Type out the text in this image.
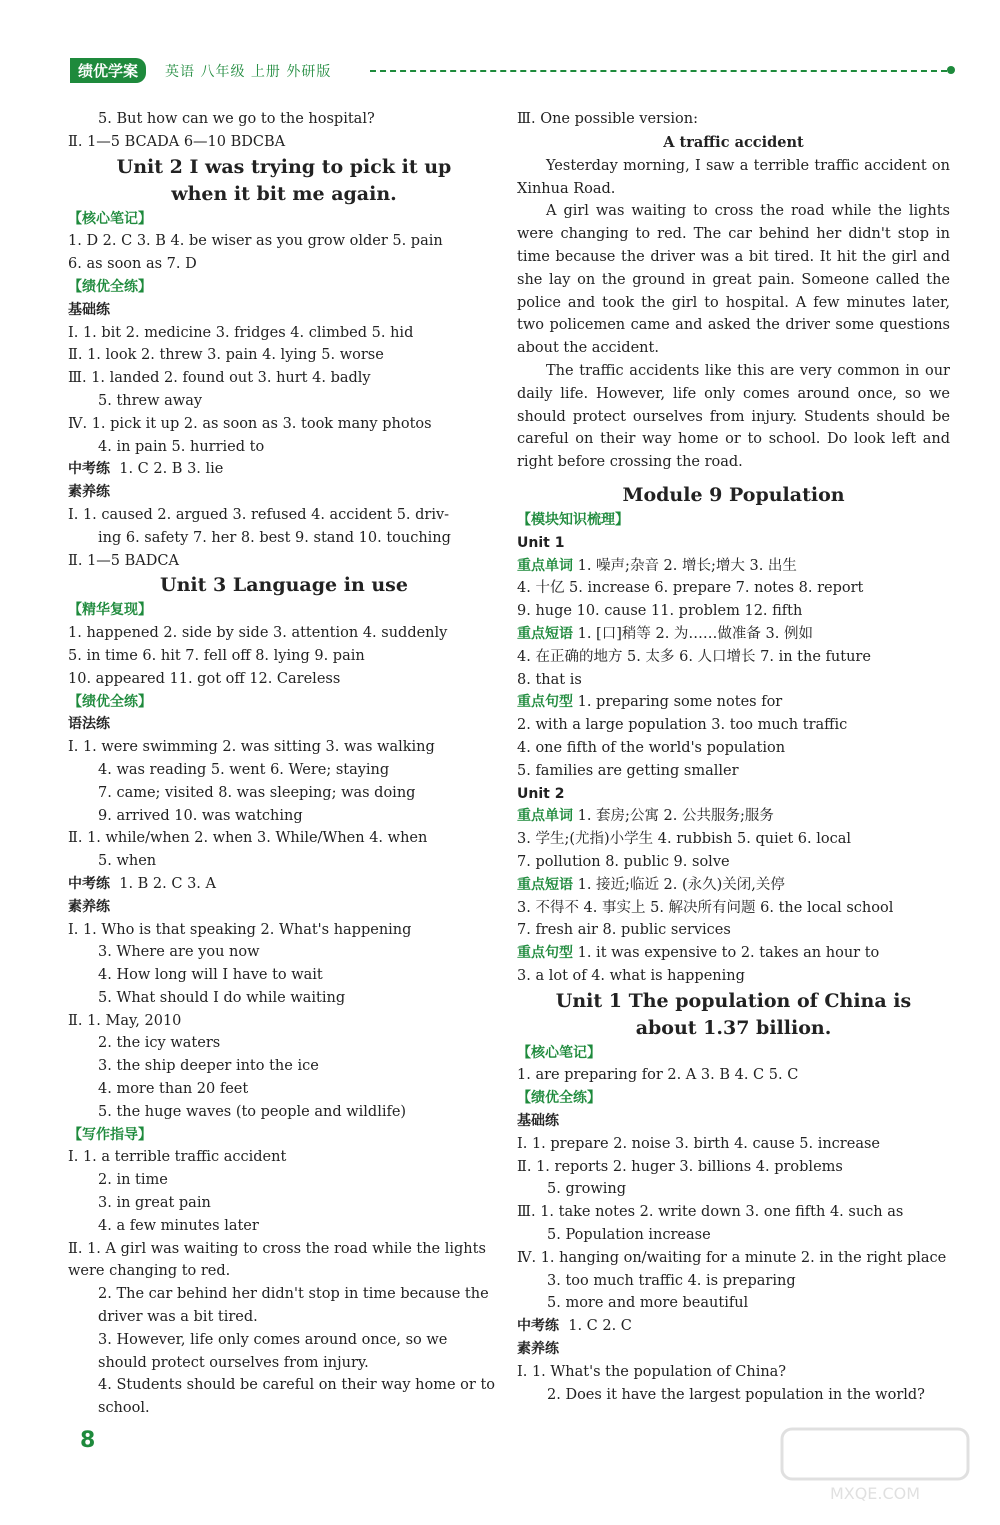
绩优学案	英语 八年级 上册 外研版
5. But how can we go to the hospital?
Ⅱ. 1—5 BCADA 6—10 BDCBA
Unit 2 I was trying to pick it up
when it bit me again.
【核心笔记】
1. D 2. C 3. B 4. be wiser as you grow older 5. pain
6. as soon as 7. D
【绩优全练】
基础练
Ⅰ. 1. bit 2. medicine 3. fridges 4. climbed 5. hid
Ⅱ. 1. look 2. threw 3. pain 4. lying 5. worse
Ⅲ. 1. landed 2. found out 3. hurt 4. badly
5. threw away
Ⅳ. 1. pick it up 2. as soon as 3. took many photos
4. in pain 5. hurried to
中考练 1. C 2. B 3. lie
素养练
Ⅰ. 1. caused 2. argued 3. refused 4. accident 5. driv-
ing 6. safety 7. her 8. best 9. stand 10. touching
Ⅱ. 1—5 BADCA
Unit 3 Language in use
【精华复现】
1. happened 2. side by side 3. attention 4. suddenly
5. in time 6. hit 7. fell off 8. lying 9. pain
10. appeared 11. got off 12. Careless
【绩优全练】
语法练
Ⅰ. 1. were swimming 2. was sitting 3. was walking
4. was reading 5. went 6. Were; staying
7. came; visited 8. was sleeping; was doing
9. arrived 10. was watching
Ⅱ. 1. while/when 2. when 3. While/When 4. when
5. when
中考练 1. B 2. C 3. A
素养练
Ⅰ. 1. Who is that speaking 2. What's happening
3. Where are you now
4. How long will I have to wait
5. What should I do while waiting
Ⅱ. 1. May, 2010
2. the icy waters
3. the ship deeper into the ice
4. more than 20 feet
5. the huge waves (to people and wildlife)
【写作指导】
Ⅰ. 1. a terrible traffic accident
2. in time
3. in great pain
4. a few minutes later
Ⅱ. 1. A girl was waiting to cross the road while the lights were changing to red.
2. The car behind her didn't stop in time because the driver was a bit tired.
3. However, life only comes around once, so we should protect ourselves from injury.
4. Students should be careful on their way home or to school.
Ⅲ. One possible version:
A traffic accident
Yesterday morning, I saw a terrible traffic accident on Xinhua Road.
A girl was waiting to cross the road while the lights were changing to red. The car behind her didn't stop in time because the driver was a bit tired. It hit the girl and she lay on the ground in great pain. Someone called the police and took the girl to hospital. A few minutes later, two policemen came and asked the driver some questions about the accident.
The traffic accidents like this are very common in our daily life. However, life only comes around once, so we should protect ourselves from injury. Students should be careful on their way home or to school. Do look left and right before crossing the road.
Module 9 Population
【模块知识梳理】
Unit 1
重点单词 1. 噪声;杂音 2. 增长;增大 3. 出生
4. 十亿 5. increase 6. prepare 7. notes 8. report
9. huge 10. cause 11. problem 12. fifth
重点短语 1. [口]稍等 2. 为……做准备 3. 例如
4. 在正确的地方 5. 太多 6. 人口增长 7. in the future
8. that is
重点句型 1. preparing some notes for
2. with a large population 3. too much traffic
4. one fifth of the world's population
5. families are getting smaller
Unit 2
重点单词 1. 套房;公寓 2. 公共服务;服务
3. 学生;(尤指)小学生 4. rubbish 5. quiet 6. local
7. pollution 8. public 9. solve
重点短语 1. 接近;临近 2. (永久)关闭,关停
3. 不得不 4. 事实上 5. 解决所有问题 6. the local school
7. fresh air 8. public services
重点句型 1. it was expensive to 2. takes an hour to
3. a lot of 4. what is happening
Unit 1 The population of China is
about 1.37 billion.
【核心笔记】
1. are preparing for 2. A 3. B 4. C 5. C
【绩优全练】
基础练
Ⅰ. 1. prepare 2. noise 3. birth 4. cause 5. increase
Ⅱ. 1. reports 2. huger 3. billions 4. problems
5. growing
Ⅲ. 1. take notes 2. write down 3. one fifth 4. such as
5. Population increase
Ⅳ. 1. hanging on/waiting for a minute 2. in the right place
3. too much traffic 4. is preparing
5. more and more beautiful
中考练 1. C 2. C
素养练
Ⅰ. 1. What's the population of China?
2. Does it have the largest population in the world?
8
MXQE.COM
